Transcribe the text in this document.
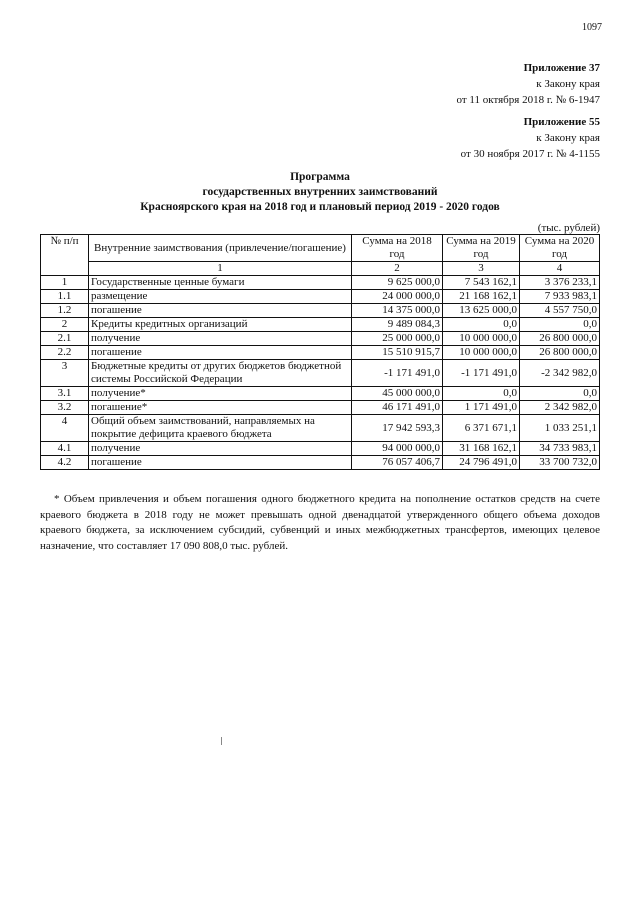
1097
Приложение 37
к Закону края
от 11 октября 2018 г. № 6-1947
Приложение 55
к Закону края
от 30 ноября 2017 г. № 4-1155
Программа
государственных внутренних заимствований
Красноярского края на 2018 год и плановый период 2019 - 2020 годов
(тыс. рублей)
№ п/п	Внутренние заимствования (привлечение/погашение)	Сумма на 2018 год	Сумма на 2019 год	Сумма на 2020 год
	1	2	3	4
1	Государственные ценные бумаги	9 625 000,0	7 543 162,1	3 376 233,1
1.1	размещение	24 000 000,0	21 168 162,1	7 933 983,1
1.2	погашение	14 375 000,0	13 625 000,0	4 557 750,0
2	Кредиты кредитных организаций	9 489 084,3	0,0	0,0
2.1	получение	25 000 000,0	10 000 000,0	26 800 000,0
2.2	погашение	15 510 915,7	10 000 000,0	26 800 000,0
3	Бюджетные кредиты от других бюджетов бюджетной системы Российской Федерации	-1 171 491,0	-1 171 491,0	-2 342 982,0
3.1	получение*	45 000 000,0	0,0	0,0
3.2	погашение*	46 171 491,0	1 171 491,0	2 342 982,0
4	Общий объем заимствований, направляемых на покрытие дефицита краевого бюджета	17 942 593,3	6 371 671,1	1 033 251,1
4.1	получение	94 000 000,0	31 168 162,1	34 733 983,1
4.2	погашение	76 057 406,7	24 796 491,0	33 700 732,0
* Объем привлечения и объем погашения одного бюджетного кредита на пополнение остатков средств на счете краевого бюджета в 2018 году не может превышать одной двенадцатой утвержденного общего объема доходов краевого бюджета, за исключением субсидий, субвенций и иных межбюджетных трансфертов, имеющих целевое назначение, что составляет 17 090 808,0 тыс. рублей.
